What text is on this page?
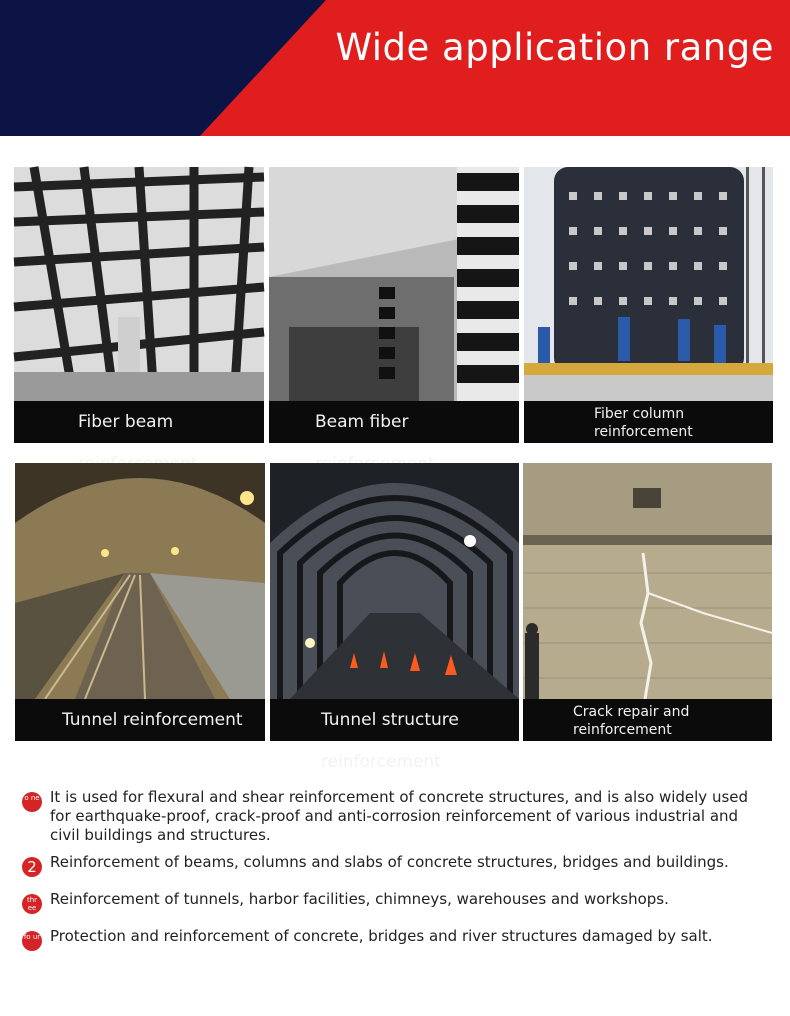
Wide application range
Fiber beam	Beam fiber	Fiber column
reinforcement
Tunnel reinforcement	Tunnel structure reinforcement
Crack repair and
reinforcement
o ne It is used for flexural and shear reinforcement of concrete structures, and is also widely used for earthquake-proof, crack-proof and anti-corrosion reinforcement of various industrial and civil buildings and structures.
2 Reinforcement of beams, columns and slabs of concrete structures, bridges and buildings.
thr ee Reinforcement of tunnels, harbor facilities, chimneys, warehouses and workshops.
fo ur Protection and reinforcement of concrete, bridges and river structures damaged by salt.
